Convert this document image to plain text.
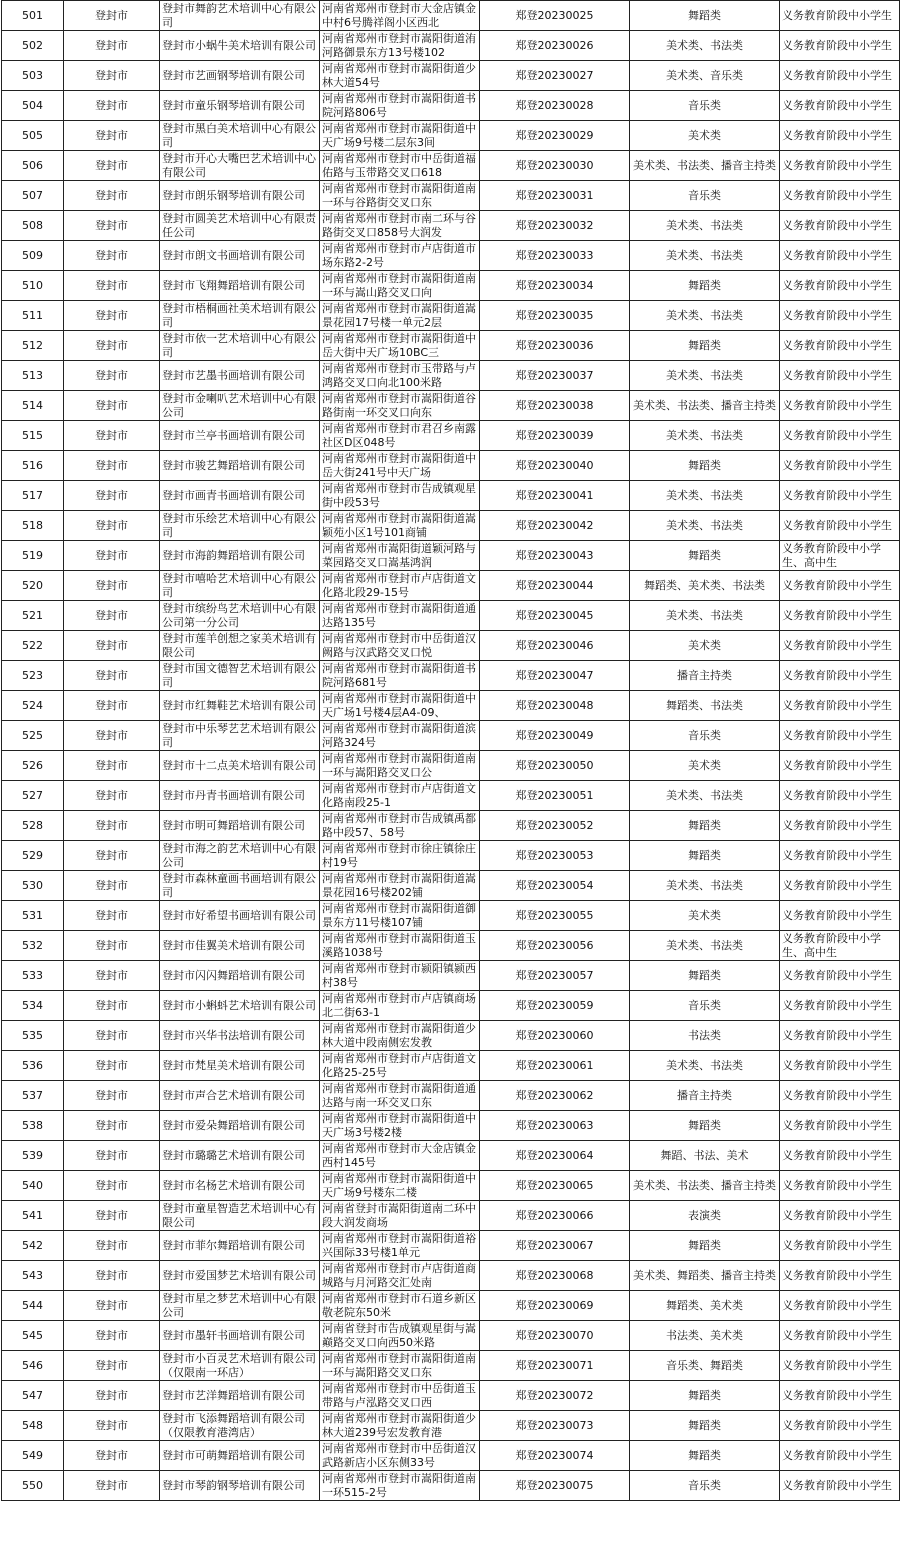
501	登封市	登封市舞韵艺术培训中心有限公司	河南省郑州市登封市大金店镇金中村6号腾祥阁小区西北	郑登20230025	舞蹈类	义务教育阶段中小学生

502	登封市	登封市小蜗牛美术培训有限公司	河南省郑州市登封市嵩阳街道洧河路御景东方13号楼102	郑登20230026	美术类、书法类	义务教育阶段中小学生

503	登封市	登封市艺画钢琴培训有限公司	河南省郑州市登封市嵩阳街道少林大道54号	郑登20230027	美术类、音乐类	义务教育阶段中小学生

504	登封市	登封市童乐钢琴培训有限公司	河南省郑州市登封市嵩阳街道书院河路806号	郑登20230028	音乐类	义务教育阶段中小学生

505	登封市	登封市黑白美术培训中心有限公司	河南省郑州市登封市嵩阳街道中天广场9号楼二层东3间	郑登20230029	美术类	义务教育阶段中小学生

506	登封市	登封市开心大嘴巴艺术培训中心有限公司	河南省郑州市登封市中岳街道福佑路与玉带路交叉口618	郑登20230030	美术类、书法类、播音主持类	义务教育阶段中小学生

507	登封市	登封市朗乐钢琴培训有限公司	河南省郑州市登封市嵩阳街道南一环与谷路街交叉口东	郑登20230031	音乐类	义务教育阶段中小学生

508	登封市	登封市圆美艺术培训中心有限责任公司	河南省郑州市登封市南二环与谷路街交叉口858号大润发	郑登20230032	美术类、书法类	义务教育阶段中小学生

509	登封市	登封市朗文书画培训有限公司	河南省郑州市登封市卢店街道市场东路2-2号	郑登20230033	美术类、书法类	义务教育阶段中小学生

510	登封市	登封市飞翔舞蹈培训有限公司	河南省郑州市登封市嵩阳街道南一环与嵩山路交叉口向	郑登20230034	舞蹈类	义务教育阶段中小学生

511	登封市	登封市梧桐画社美术培训有限公司	河南省郑州市登封市嵩阳街道嵩景花园17号楼一单元2层	郑登20230035	美术类、书法类	义务教育阶段中小学生

512	登封市	登封市依一艺术培训中心有限公司	河南省郑州市登封市嵩阳街道中岳大街中天广场10BC三	郑登20230036	舞蹈类	义务教育阶段中小学生

513	登封市	登封市艺墨书画培训有限公司	河南省郑州市登封市玉带路与卢鸿路交叉口向北100米路	郑登20230037	美术类、书法类	义务教育阶段中小学生

514	登封市	登封市金喇叭艺术培训中心有限公司	河南省郑州市登封市嵩阳街道谷路街南一环交叉口向东	郑登20230038	美术类、书法类、播音主持类	义务教育阶段中小学生

515	登封市	登封市兰亭书画培训有限公司	河南省郑州市登封市君召乡南露社区D区048号	郑登20230039	美术类、书法类	义务教育阶段中小学生

516	登封市	登封市骏艺舞蹈培训有限公司	河南省郑州市登封市嵩阳街道中岳大街241号中天广场	郑登20230040	舞蹈类	义务教育阶段中小学生

517	登封市	登封市画青书画培训有限公司	河南省郑州市登封市告成镇观星街中段53号	郑登20230041	美术类、书法类	义务教育阶段中小学生

518	登封市	登封市乐绘艺术培训中心有限公司	河南省郑州市登封市嵩阳街道嵩颖苑小区1号101商铺	郑登20230042	美术类、书法类	义务教育阶段中小学生

519	登封市	登封市海韵舞蹈培训有限公司	河南省郑州市嵩阳街道颖河路与菜园路交叉口嵩基鸿润	郑登20230043	舞蹈类	义务教育阶段中小学生、高中生

520	登封市	登封市嘻哈艺术培训中心有限公司	河南省郑州市登封市卢店街道文化路北段29-15号	郑登20230044	舞蹈类、美术类、书法类	义务教育阶段中小学生

521	登封市	登封市缤纷鸟艺术培训中心有限公司第一分公司	河南省郑州市登封市嵩阳街道通达路135号	郑登20230045	美术类、书法类	义务教育阶段中小学生

522	登封市	登封市莲羊创想之家美术培训有限公司	河南省郑州市登封市中岳街道汉阙路与汉武路交叉口悦	郑登20230046	美术类	义务教育阶段中小学生

523	登封市	登封市国文德智艺术培训有限公司	河南省郑州市登封市嵩阳街道书院河路681号	郑登20230047	播音主持类	义务教育阶段中小学生

524	登封市	登封市红舞鞋艺术培训有限公司	河南省郑州市登封市嵩阳街道中天广场1号楼4层A4-09、	郑登20230048	舞蹈类、书法类	义务教育阶段中小学生

525	登封市	登封市中乐琴艺艺术培训有限公司	河南省郑州市登封市嵩阳街道滨河路324号	郑登20230049	音乐类	义务教育阶段中小学生

526	登封市	登封市十二点美术培训有限公司	河南省郑州市登封市嵩阳街道南一环与嵩阳路交叉口公	郑登20230050	美术类	义务教育阶段中小学生

527	登封市	登封市丹青书画培训有限公司	河南省郑州市登封市卢店街道文化路南段25-1	郑登20230051	美术类、书法类	义务教育阶段中小学生

528	登封市	登封市明可舞蹈培训有限公司	河南省郑州市登封市告成镇禹都路中段57、58号	郑登20230052	舞蹈类	义务教育阶段中小学生

529	登封市	登封市海之韵艺术培训中心有限公司	河南省郑州市登封市徐庄镇徐庄村19号	郑登20230053	舞蹈类	义务教育阶段中小学生

530	登封市	登封市森林童画书画培训有限公司	河南省郑州市登封市嵩阳街道嵩景花园16号楼202铺	郑登20230054	美术类、书法类	义务教育阶段中小学生

531	登封市	登封市好希望书画培训有限公司	河南省郑州市登封市嵩阳街道御景东方11号楼107铺	郑登20230055	美术类	义务教育阶段中小学生

532	登封市	登封市佳翼美术培训有限公司	河南省郑州市登封市嵩阳街道玉溪路1038号	郑登20230056	美术类、书法类	义务教育阶段中小学生、高中生

533	登封市	登封市闪闪舞蹈培训有限公司	河南省郑州市登封市颍阳镇颍西村38号	郑登20230057	舞蹈类	义务教育阶段中小学生

534	登封市	登封市小蝌蚪艺术培训有限公司	河南省郑州市登封市卢店镇商场北二街63-1	郑登20230059	音乐类	义务教育阶段中小学生

535	登封市	登封市兴华书法培训有限公司	河南省郑州市登封市嵩阳街道少林大道中段南侧宏发教	郑登20230060	书法类	义务教育阶段中小学生

536	登封市	登封市梵星美术培训有限公司	河南省郑州市登封市卢店街道文化路25-25号	郑登20230061	美术类、书法类	义务教育阶段中小学生

537	登封市	登封市声合艺术培训有限公司	河南省郑州市登封市嵩阳街道通达路与南一环交叉口东	郑登20230062	播音主持类	义务教育阶段中小学生

538	登封市	登封市爱朵舞蹈培训有限公司	河南省郑州市登封市嵩阳街道中天广场3号楼2楼	郑登20230063	舞蹈类	义务教育阶段中小学生

539	登封市	登封市璐璐艺术培训有限公司	河南省郑州市登封市大金店镇金西村145号	郑登20230064	舞蹈、书法、美术	义务教育阶段中小学生

540	登封市	登封市名杨艺术培训有限公司	河南省郑州市登封市嵩阳街道中天广场9号楼东二楼	郑登20230065	美术类、书法类、播音主持类	义务教育阶段中小学生

541	登封市	登封市童星智造艺术培训中心有限公司	河南省登封市嵩阳街道南二环中段大润发商场	郑登20230066	表演类	义务教育阶段中小学生

542	登封市	登封市菲尔舞蹈培训有限公司	河南省郑州市登封市嵩阳街道裕兴国际33号楼1单元	郑登20230067	舞蹈类	义务教育阶段中小学生

543	登封市	登封市爱国梦艺术培训有限公司	河南省郑州市登封市卢店街道商城路与月河路交汇处南	郑登20230068	美术类、舞蹈类、播音主持类	义务教育阶段中小学生

544	登封市	登封市星之梦艺术培训中心有限公司	河南省郑州市登封市石道乡新区敬老院东50米	郑登20230069	舞蹈类、美术类	义务教育阶段中小学生

545	登封市	登封市墨轩书画培训有限公司	河南省登封市告成镇观星街与嵩巅路交叉口向西50米路	郑登20230070	书法类、美术类	义务教育阶段中小学生

546	登封市	登封市小百灵艺术培训有限公司（仅限南一环店）	河南省郑州市登封市嵩阳街道南一环与嵩阳路交叉口东	郑登20230071	音乐类、舞蹈类	义务教育阶段中小学生

547	登封市	登封市艺洋舞蹈培训有限公司	河南省郑州市登封市中岳街道玉带路与卢泓路交叉口西	郑登20230072	舞蹈类	义务教育阶段中小学生

548	登封市	登封市飞添舞蹈培训有限公司（仅限教育港湾店）	河南省郑州市登封市嵩阳街道少林大道239号宏发教育港	郑登20230073	舞蹈类	义务教育阶段中小学生

549	登封市	登封市可萌舞蹈培训有限公司	河南省郑州市登封市中岳街道汉武路新店小区东侧33号	郑登20230074	舞蹈类	义务教育阶段中小学生

550	登封市	登封市琴韵钢琴培训有限公司	河南省郑州市登封市嵩阳街道南一环515-2号	郑登20230075	音乐类	义务教育阶段中小学生
